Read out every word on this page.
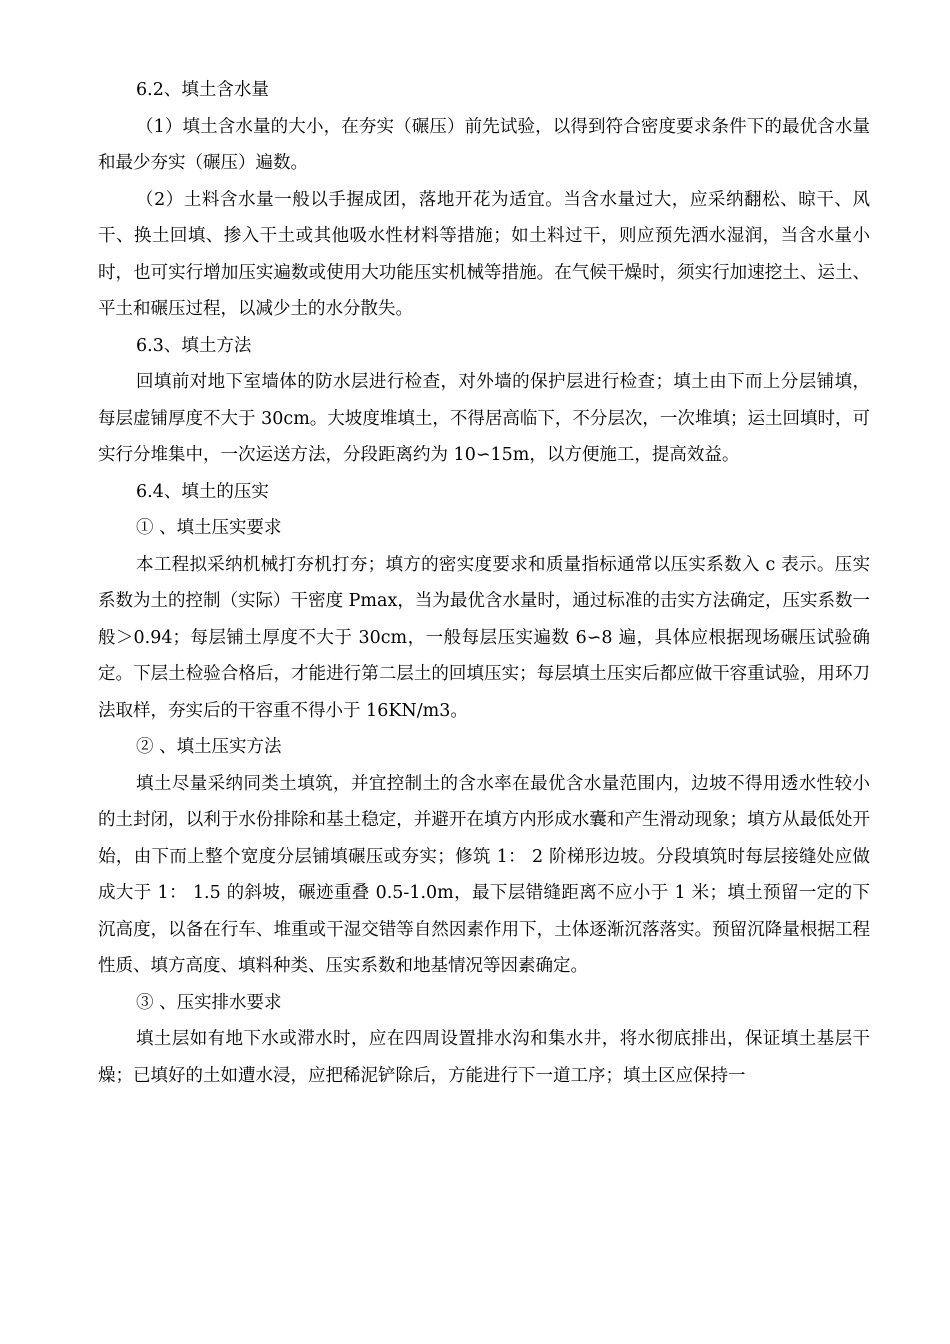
6.2、填土含水量

（1）填土含水量的大小，在夯实（碾压）前先试验，以得到符合密度要求条件下的最优含水量和最少夯实（碾压）遍数。

（2）土料含水量一般以手握成团，落地开花为适宜。当含水量过大，应采纳翻松、晾干、风干、换土回填、掺入干土或其他吸水性材料等措施；如土料过干，则应预先洒水湿润，当含水量小时，也可实行增加压实遍数或使用大功能压实机械等措施。在气候干燥时，须实行加速挖土、运土、平土和碾压过程，以减少土的水分散失。

6.3、填土方法

回填前对地下室墙体的防水层进行检查，对外墙的保护层进行检查；填土由下而上分层铺填，每层虚铺厚度不大于 30cm。大坡度堆填土，不得居高临下，不分层次，一次堆填；运土回填时，可实行分堆集中，一次运送方法，分段距离约为 10∽15m，以方便施工，提高效益。

6.4、填土的压实

① 、填土压实要求

本工程拟采纳机械打夯机打夯；填方的密实度要求和质量指标通常以压实系数入 c 表示。压实系数为土的控制（实际）干密度 Pmax，当为最优含水量时，通过标准的击实方法确定，压实系数一般＞0.94；每层铺土厚度不大于 30cm，一般每层压实遍数 6∽8 遍，具体应根据现场碾压试验确定。下层土检验合格后，才能进行第二层土的回填压实；每层填土压实后都应做干容重试验，用环刀法取样，夯实后的干容重不得小于 16KN/m3。

② 、填土压实方法

填土尽量采纳同类土填筑，并宜控制土的含水率在最优含水量范围内，边坡不得用透水性较小的土封闭，以利于水份排除和基土稳定，并避开在填方内形成水囊和产生滑动现象；填方从最低处开始，由下而上整个宽度分层铺填碾压或夯实；修筑 1： 2 阶梯形边坡。分段填筑时每层接缝处应做成大于 1： 1.5 的斜坡，碾迹重叠 0.5-1.0m，最下层错缝距离不应小于 1 米；填土预留一定的下沉高度，以备在行车、堆重或干湿交错等自然因素作用下，土体逐渐沉落落实。预留沉降量根据工程性质、填方高度、填料种类、压实系数和地基情况等因素确定。

③ 、压实排水要求

填土层如有地下水或滞水时，应在四周设置排水沟和集水井，将水彻底排出，保证填土基层干燥；已填好的土如遭水浸，应把稀泥铲除后，方能进行下一道工序；填土区应保持一
